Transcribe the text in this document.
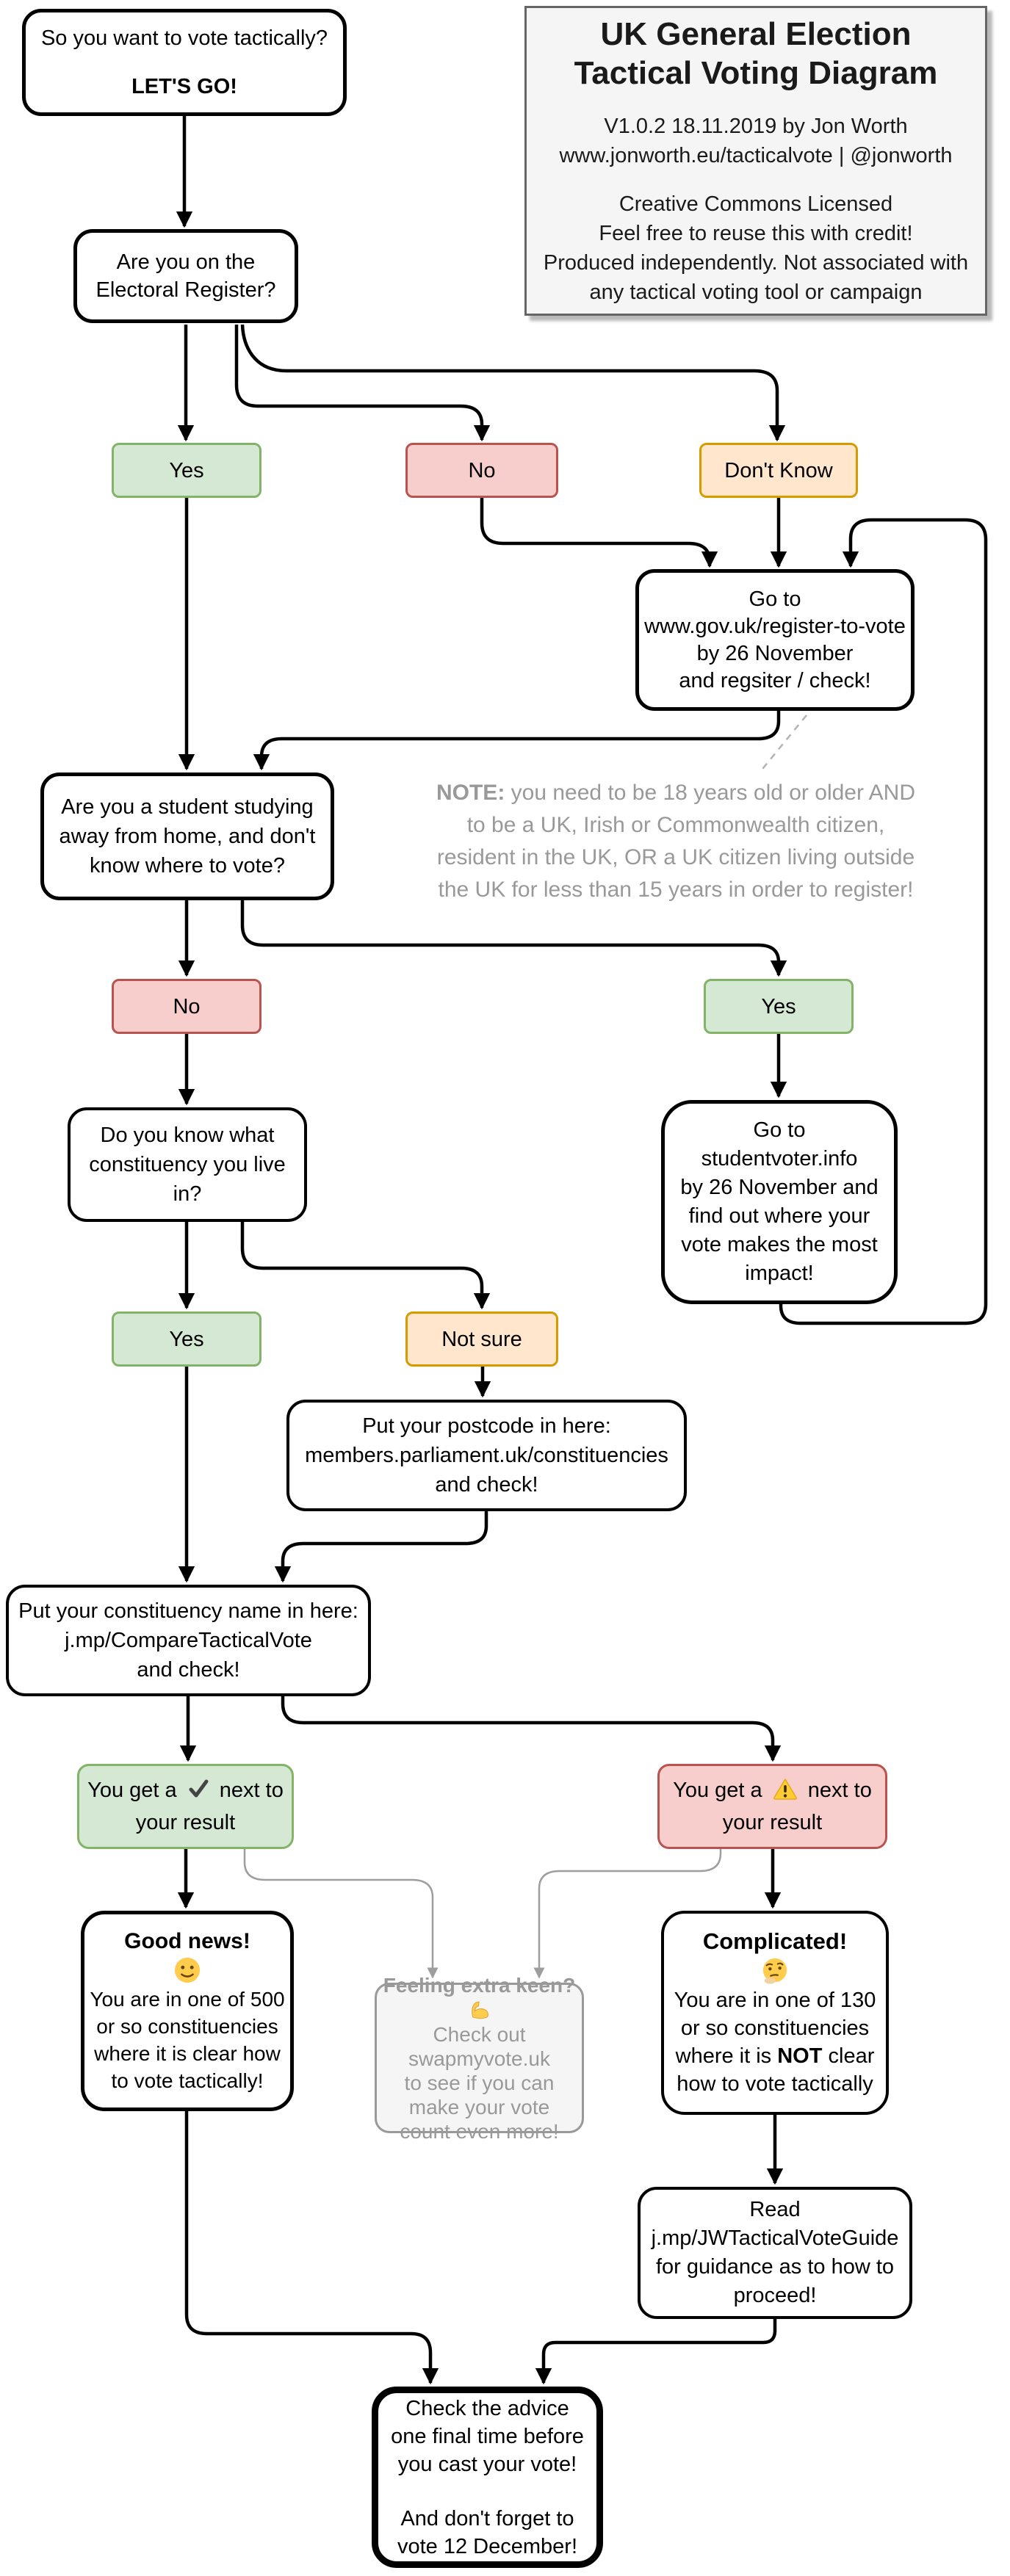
So you want to vote tactically?
LET'S GO!
UK General Election
Tactical Voting Diagram
V1.0.2 18.11.2019 by Jon Worth
www.jonworth.eu/tacticalvote | @jonworth
Creative Commons Licensed
Feel free to reuse this with credit!
Produced independently. Not associated with
any tactical voting tool or campaign
Are you on the
Electoral Register?
Yes	No	Don't Know
Go to
www.gov.uk/register-to-vote
by 26 November
and regsiter / check!
NOTE: you need to be 18 years old or older AND
to be a UK, Irish or Commonwealth citizen,
resident in the UK, OR a UK citizen living outside
the UK for less than 15 years in order to register!
Are you a student studying
away from home, and don't
know where to vote?
No	Yes
Do you know what
constituency you live
in?
Go to
studentvoter.info
by 26 November and
find out where your
vote makes the most
impact!
Yes	Not sure
Put your postcode in here:
members.parliament.uk/constituencies
and check!
Put your constituency name in here:
j.mp/CompareTacticalVote
and check!
You get a  next to
your result
You get a  next to
your result
Good news!
You are in one of 500
or so constituencies
where it is clear how
to vote tactically!
Feeling extra keen?
Check out
swapmyvote.uk
to see if you can
make your vote
count even more!
Complicated!
You are in one of 130
or so constituencies
where it is NOT clear
how to vote tactically
Read
j.mp/JWTacticalVoteGuide
for guidance as to how to
proceed!
Check the advice
one final time before
you cast your vote!
And don't forget to
vote 12 December!
